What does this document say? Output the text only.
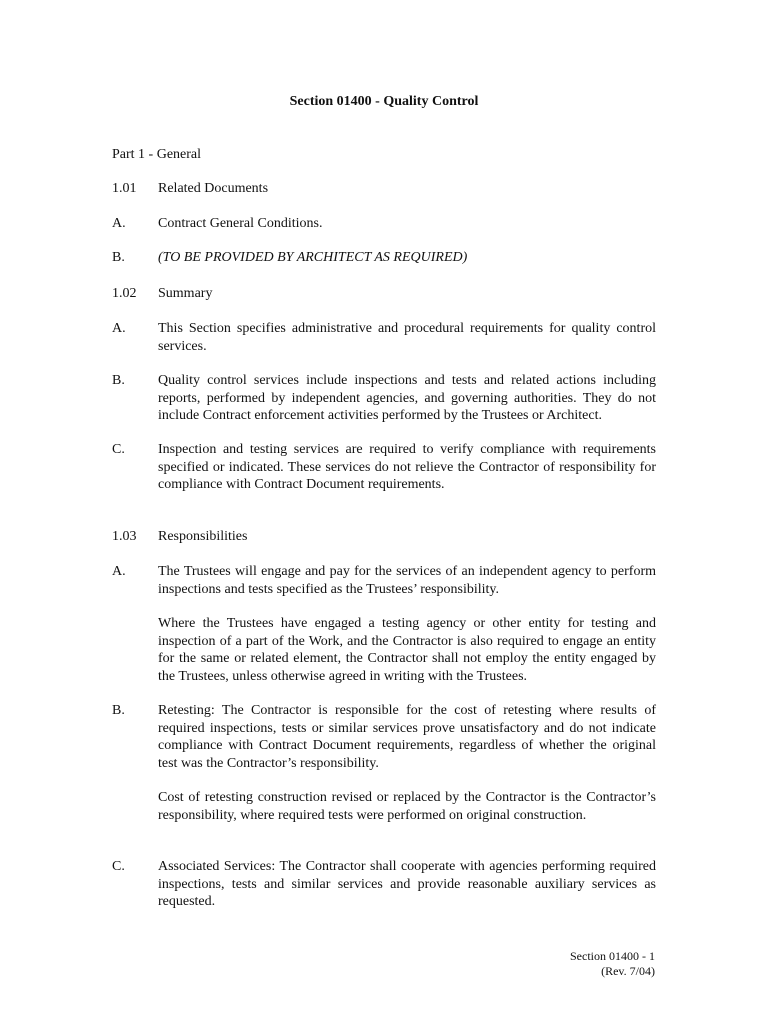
Section 01400 - Quality Control
Part 1 - General
1.01 Related Documents
A. Contract General Conditions.
B. (TO BE PROVIDED BY ARCHITECT AS REQUIRED)
1.02 Summary
A. This Section specifies administrative and procedural requirements for quality control services.
B. Quality control services include inspections and tests and related actions including reports, performed by independent agencies, and governing authorities. They do not include Contract enforcement activities performed by the Trustees or Architect.
C. Inspection and testing services are required to verify compliance with requirements specified or indicated. These services do not relieve the Contractor of responsibility for compliance with Contract Document requirements.
1.03 Responsibilities
A. The Trustees will engage and pay for the services of an independent agency to perform inspections and tests specified as the Trustees’ responsibility.
Where the Trustees have engaged a testing agency or other entity for testing and inspection of a part of the Work, and the Contractor is also required to engage an entity for the same or related element, the Contractor shall not employ the entity engaged by the Trustees, unless otherwise agreed in writing with the Trustees.
B. Retesting: The Contractor is responsible for the cost of retesting where results of required inspections, tests or similar services prove unsatisfactory and do not indicate compliance with Contract Document requirements, regardless of whether the original test was the Contractor’s responsibility.
Cost of retesting construction revised or replaced by the Contractor is the Contractor’s responsibility, where required tests were performed on original construction.
C. Associated Services: The Contractor shall cooperate with agencies performing required inspections, tests and similar services and provide reasonable auxiliary services as requested.
Section 01400 - 1
(Rev. 7/04)
